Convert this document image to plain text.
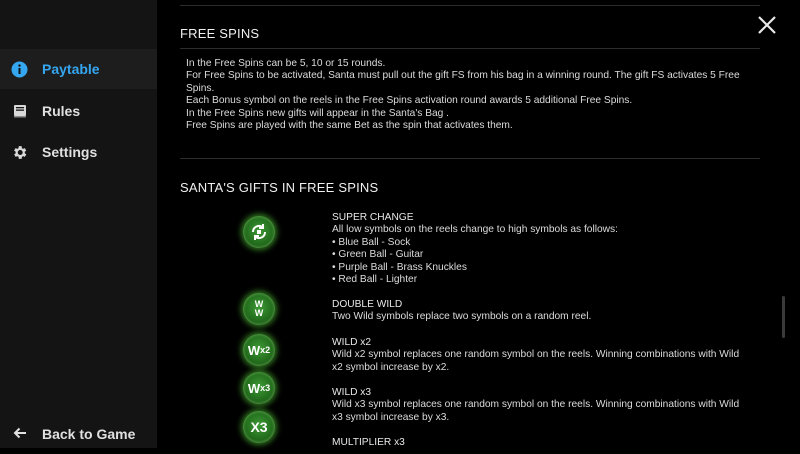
Paytable
Rules
Settings
Back to Game
FREE SPINS
In the Free Spins can be 5, 10 or 15 rounds.
For Free Spins to be activated, Santa must pull out the gift FS from his bag in a winning round. The gift FS activates 5 Free Spins.
Each Bonus symbol on the reels in the Free Spins activation round awards 5 additional Free Spins.
In the Free Spins new gifts will appear in the Santa's Bag .
Free Spins are played with the same Bet as the spin that activates them.
SANTA'S GIFTS IN FREE SPINS
W
W
W x2
W x3
X3
SUPER CHANGE
All low symbols on the reels change to high symbols as follows:
• Blue Ball - Sock
• Green Ball - Guitar
• Purple Ball - Brass Knuckles
• Red Ball - Lighter
DOUBLE WILD
Two Wild symbols replace two symbols on a random reel.
WILD x2
Wild x2 symbol replaces one random symbol on the reels. Winning combinations with Wild x2 symbol increase by x2.
WILD x3
Wild x3 symbol replaces one random symbol on the reels. Winning combinations with Wild x3 symbol increase by x3.
MULTIPLIER x3
